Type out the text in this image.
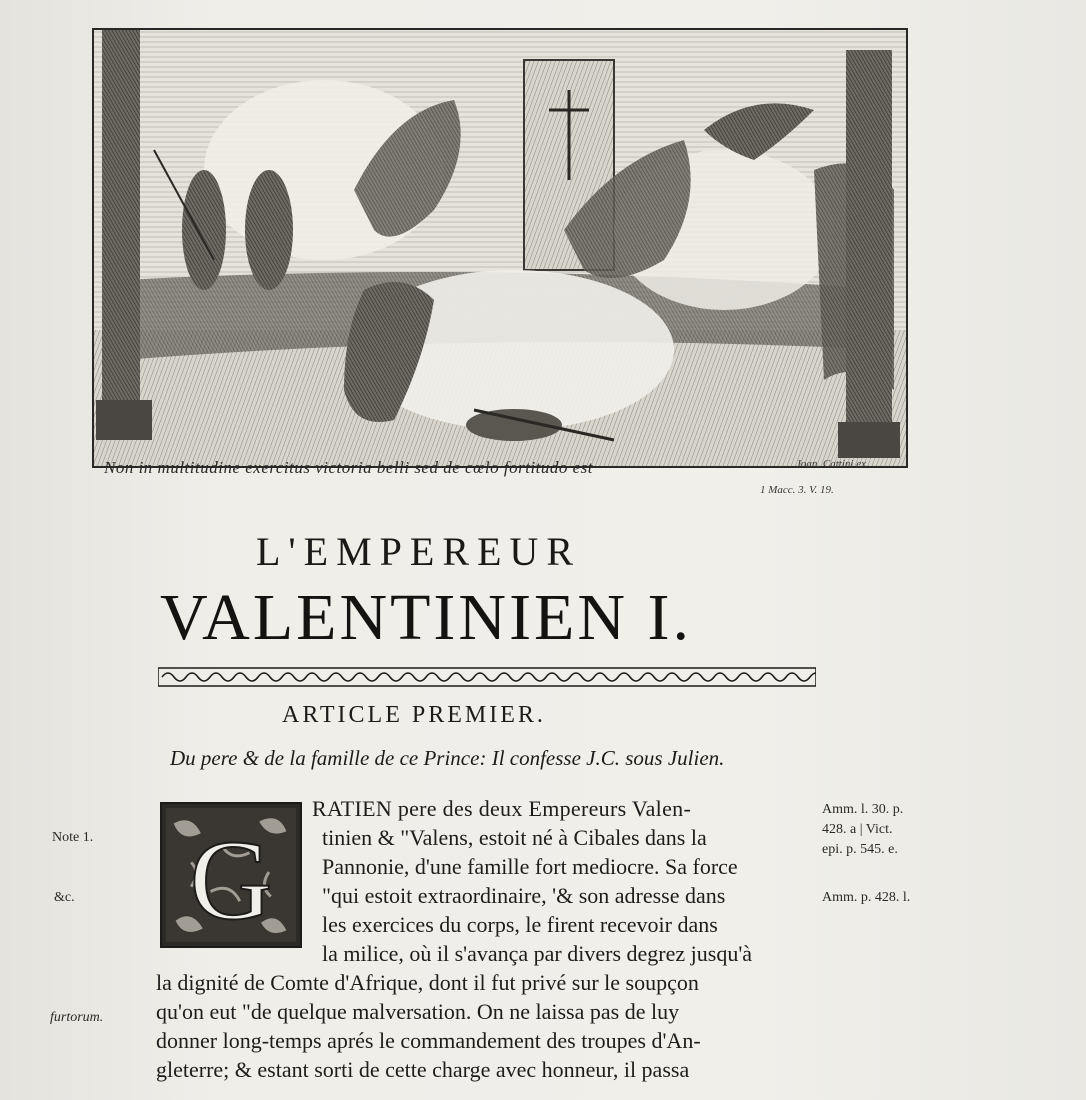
Non in multitudine exercitus victoria belli sed de cœlo fortitudo est	Joan. Cattini ex.
1 Macc. 3. V. 19.
L'EMPEREUR
VALENTINIEN I.
ARTICLE PREMIER.
Du pere & de la famille de ce Prince: Il confesse J.C. sous Julien.
G
RATIEN pere des deux Empereurs Valen-
tinien & "Valens, estoit né à Cibales dans la
Pannonie, d'une famille fort mediocre. Sa force
"qui estoit extraordinaire, '& son adresse dans
les exercices du corps, le firent recevoir dans
la milice, où il s'avança par divers degrez jusqu'à
la dignité de Comte d'Afrique, dont il fut privé sur le soupçon
qu'on eut "de quelque malversation. On ne laissa pas de luy
donner long-temps aprés le commandement des troupes d'An-
gleterre; & estant sorti de cette charge avec honneur, il passa
Note 1.
&c.
furtorum.
Amm. l. 30. p.
428. a | Vict.
epi. p. 545. e.
Amm. p. 428. l.
